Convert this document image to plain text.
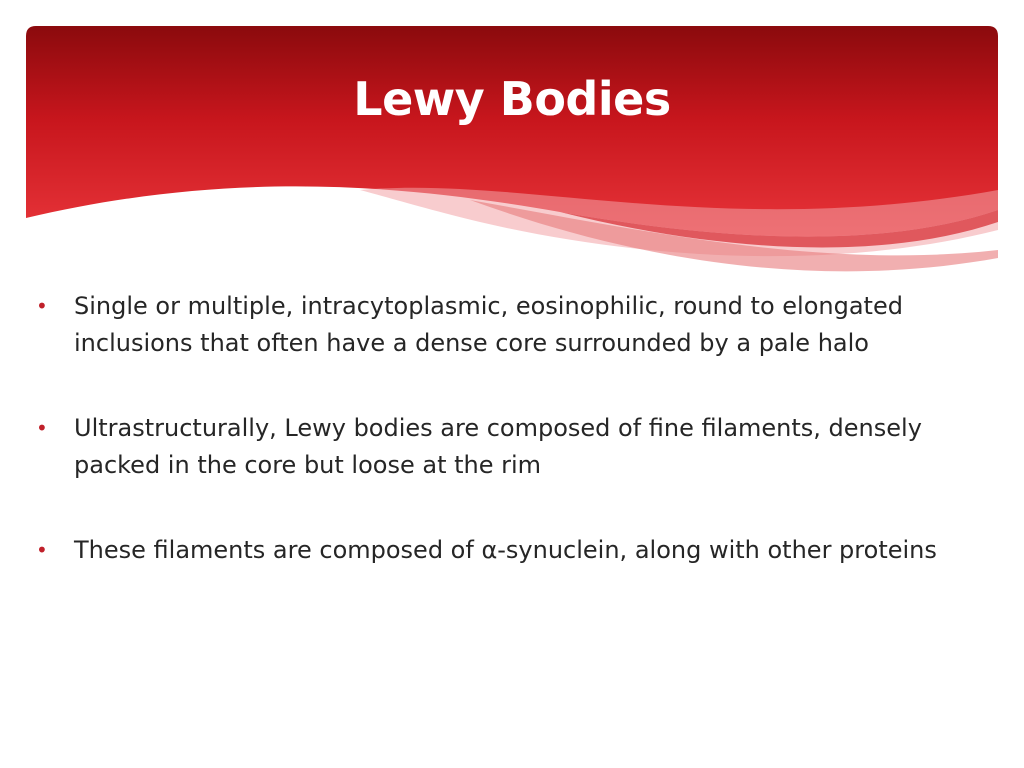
Lewy Bodies
• Single or multiple, intracytoplasmic, eosinophilic, round to elongated inclusions that often have a dense core surrounded by a pale halo
• Ultrastructurally, Lewy bodies are composed of fine filaments, densely packed in the core but loose at the rim
• These filaments are composed of α-synuclein, along with other proteins
